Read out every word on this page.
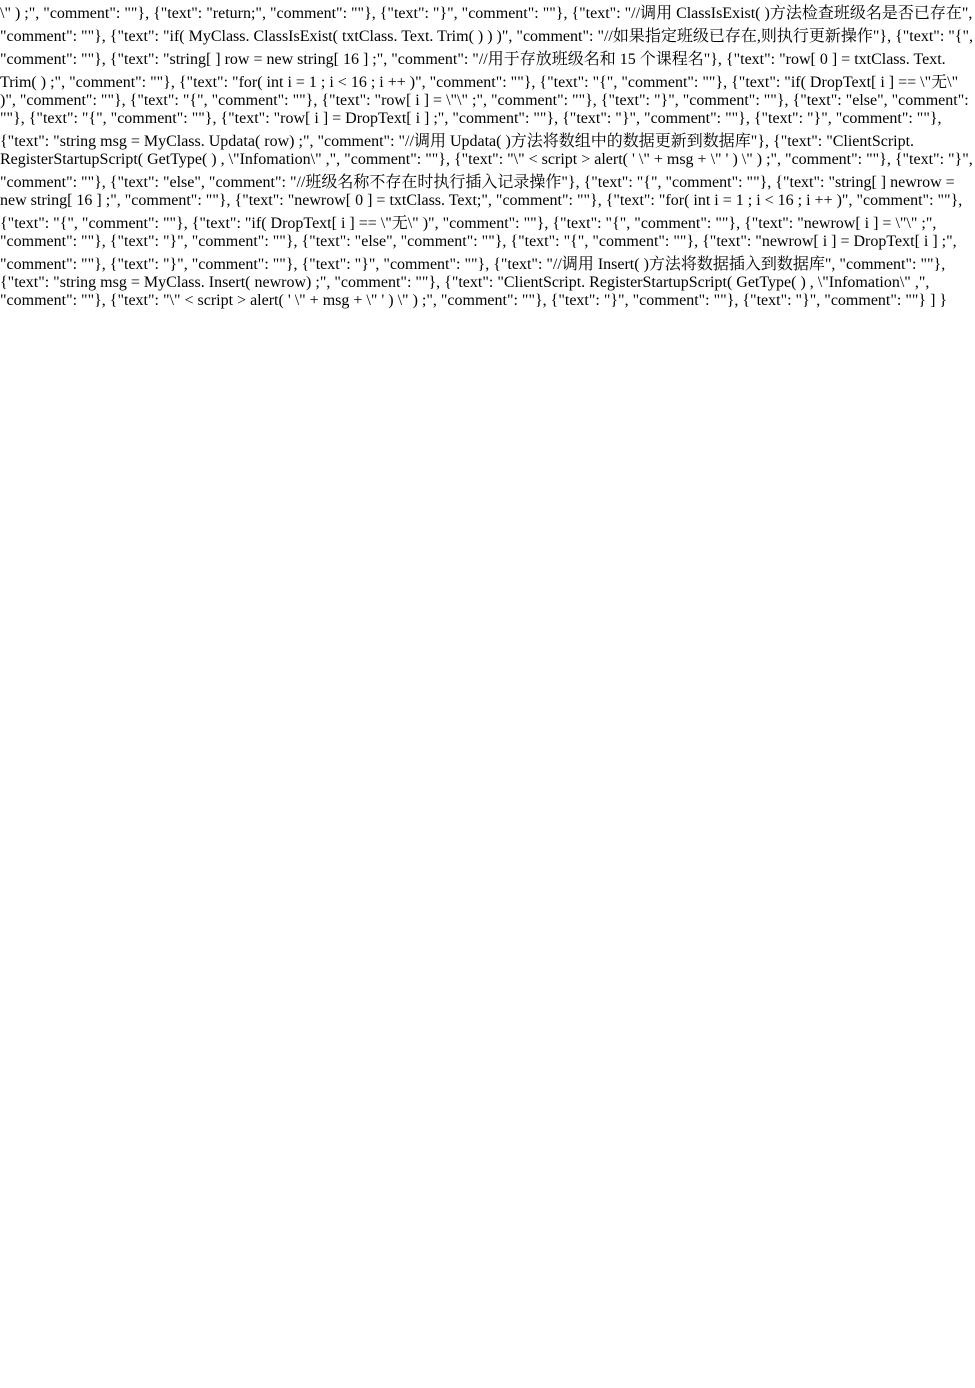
\" ) ;", "comment": ""}, {"text": "return;", "comment": ""}, {"text": "}", "comment": ""}, {"text": "//调用 ClassIsExist( )方法检查班级名是否已存在", "comment": ""}, {"text": "if( MyClass. ClassIsExist( txtClass. Text. Trim( ) ) )", "comment": "//如果指定班级已存在,则执行更新操作"}, {"text": "{", "comment": ""}, {"text": "string[ ] row = new string[ 16 ] ;", "comment": "//用于存放班级名和 15 个课程名"}, {"text": "row[ 0 ] = txtClass. Text. Trim( ) ;", "comment": ""}, {"text": "for( int i = 1 ; i < 16 ; i ++ )", "comment": ""}, {"text": "{", "comment": ""}, {"text": "if( DropText[ i ] == \"无\" )", "comment": ""}, {"text": "{", "comment": ""}, {"text": "row[ i ] = \"\" ;", "comment": ""}, {"text": "}", "comment": ""}, {"text": "else", "comment": ""}, {"text": "{", "comment": ""}, {"text": "row[ i ] = DropText[ i ] ;", "comment": ""}, {"text": "}", "comment": ""}, {"text": "}", "comment": ""}, {"text": "string msg = MyClass. Updata( row) ;", "comment": "//调用 Updata( )方法将数组中的数据更新到数据库"}, {"text": "ClientScript. RegisterStartupScript( GetType( ) , \"Infomation\" ,", "comment": ""}, {"text": "\" < script > alert( ' \" + msg + \" ' ) \" ) ;", "comment": ""}, {"text": "}", "comment": ""}, {"text": "else", "comment": "//班级名称不存在时执行插入记录操作"}, {"text": "{", "comment": ""}, {"text": "string[ ] newrow = new string[ 16 ] ;", "comment": ""}, {"text": "newrow[ 0 ] = txtClass. Text;", "comment": ""}, {"text": "for( int i = 1 ; i < 16 ; i ++ )", "comment": ""}, {"text": "{", "comment": ""}, {"text": "if( DropText[ i ] == \"无\" )", "comment": ""}, {"text": "{", "comment": ""}, {"text": "newrow[ i ] = \"\" ;", "comment": ""}, {"text": "}", "comment": ""}, {"text": "else", "comment": ""}, {"text": "{", "comment": ""}, {"text": "newrow[ i ] = DropText[ i ] ;", "comment": ""}, {"text": "}", "comment": ""}, {"text": "}", "comment": ""}, {"text": "//调用 Insert( )方法将数据插入到数据库", "comment": ""}, {"text": "string msg = MyClass. Insert( newrow) ;", "comment": ""}, {"text": "ClientScript. RegisterStartupScript( GetType( ) , \"Infomation\" ,", "comment": ""}, {"text": "\" < script > alert( ' \" + msg + \" ' ) \" ) ;", "comment": ""}, {"text": "}", "comment": ""}, {"text": "}", "comment": ""} ] }
